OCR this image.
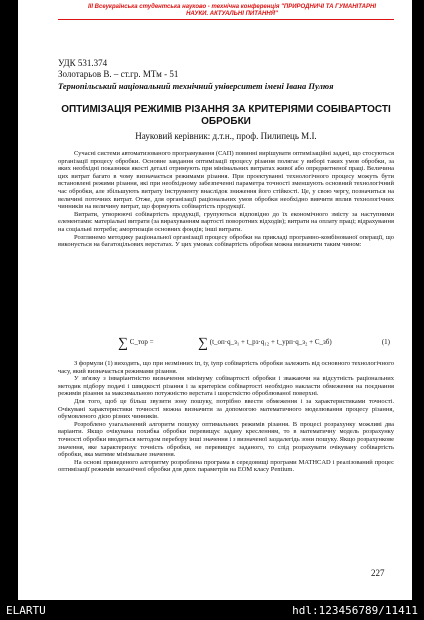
III Всеукраїнська студентська науково - технічна конференція "ПРИРОДНИЧІ ТА ГУМАНІТАРНІ НАУКИ. АКТУАЛЬНІ ПИТАННЯ"
УДК 531.374
Золотарьов В. – ст.гр. МТм - 51
Тернопільський національний технічний університет імені Івана Пулюя
ОПТИМІЗАЦІЯ РЕЖИМІВ РІЗАННЯ ЗА КРИТЕРІЯМИ СОБІВАРТОСТІ ОБРОБКИ
Науковий керівник: д.т.н., проф. Пилипець М.І.

Сучасні системи автоматизованого програмування (САП) повинні вирішувати оптимізаційні задачі, що стосуються організації процесу обробки. Основне завдання оптимізації процесу різання полягає у виборі таких умов обробки, за яких необхідні показники якості деталі отримують при мінімальних витратах живої або опредметненої праці. Величина цих витрат багато в чому визначається режимами різання. При проектуванні технологічного процесу можуть бути встановлені режими різання, які при необхідному забезпеченні параметра точності зменшують основний технологічний час обробки, але збільшують витрату інструменту внаслідок зниження його стійкості. Це, у свою чергу, позначиться на величині поточних витрат. Отже, для організації раціональних умов обробки необхідно вивчити вплив технологічних чинників на величину витрат, що формують собівартість продукції.

Витрати, утворюючі собівартість продукції, групуються відповідно до їх економічного змісту за наступними елементами: матеріальні витрати (за вирахуванням вартості поворотних відходів); витрати на оплату праці; відрахування на соціальні потреби; амортизація основних фондів; інші витрати.

Розглянемо методику раціональної організації процесу обробки на прикладі програмно-комбінованої операції, що виконується на багатоцільових верстатах. У цих умовах собівартість обробки можна визначити таким чином:

∑ C_тор =	∑ (t_оп·q_з₁ + t_рз·q₁₂ + t_урп·q_з₂ + C_зб)	(1)

З формули (1) виходить, що при незмінних tп, tу, tупр собівартість обробки залежить від основного технологічного часу, який визначається режимами різання.

У зв'язку з інваріантністю визначення мінімуму собівартості обробки і зважаючи на відсутність раціональних методик підбору подачі і швидкості різання і за критерієм собівартості необхідно накласти обмеження на поєднання режимів різання за максимальною потужністю верстата і шорсткістю оброблюваної поверхні.

Для того, щоб це більш звузити зону пошуку, потрібно ввести обмеження і за характеристиками точності. Очікувані характеристики точності можна визначити за допомогою математичного моделювання процесу різання, обумовленого дією різних чинників.

Розроблено узагальнений алгоритм пошуку оптимальних режимів різання. В процесі розрахунку можливі два варіанти. Якщо очікувана похибка обробки перевищує задану кресленням, то в математичну модель розрахунку точності обробки вводиться методом перебору інші значення і з визначеної заздалегідь зони пошуку. Якщо розрахункове значення, яке характеризує точність обробки, не перевищує заданого, то слід розрахувати очікувану собівартість обробки, яка матиме мінімальне значення.

На основі приведеного алгоритму розроблена програма в середовищі програми MATHCAD і реалізований процес оптимізації режимів механічної обробки для двох параметрів на ЕОМ класу Pentium.

227
ELARTU	hdl:123456789/11411
